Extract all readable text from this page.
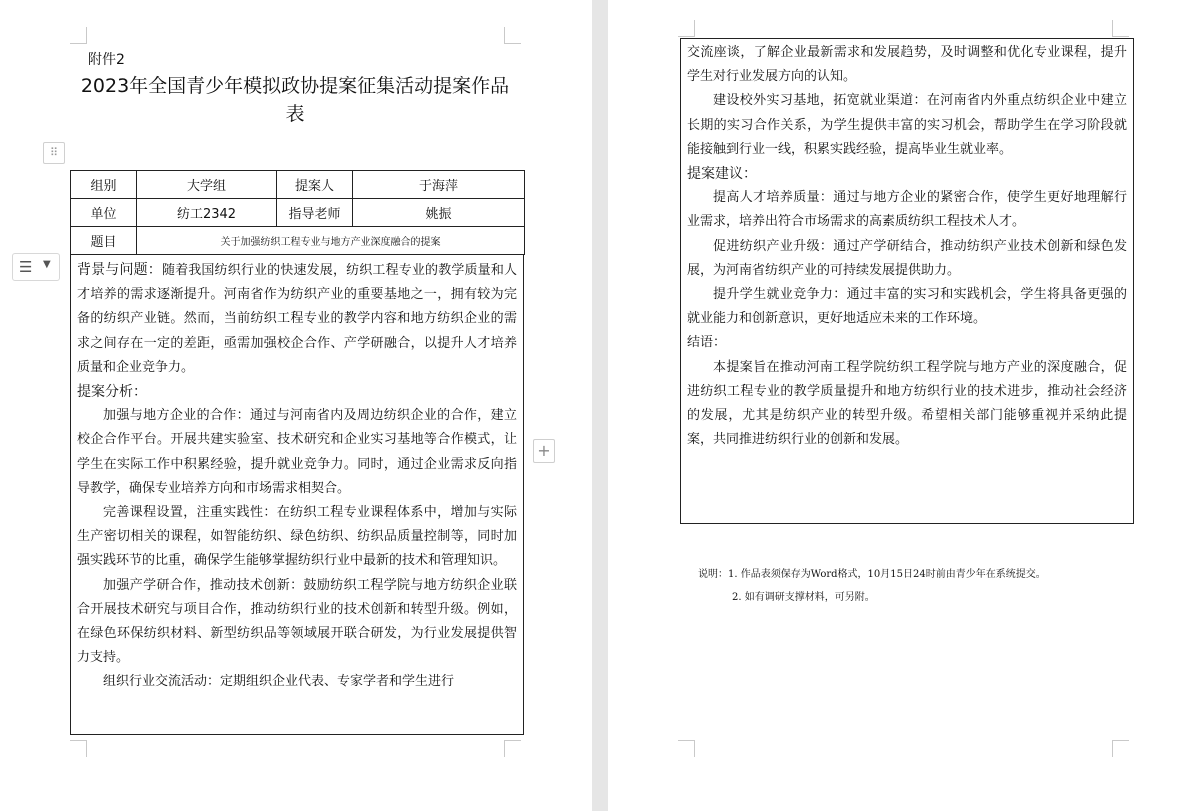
附件2
2023年全国青少年模拟政协提案征集活动提案作品表
⠿
☰ ▼
组别	大学组	提案人	于海萍
单位	纺工2342	指导老师	姚振
题目	关于加强纺织工程专业与地方产业深度融合的提案		

背景与问题：随着我国纺织行业的快速发展，纺织工程专业的教学质量和人才培养的需求逐渐提升。河南省作为纺织产业的重要基地之一，拥有较为完备的纺织产业链。然而，当前纺织工程专业的教学内容和地方纺织企业的需求之间存在一定的差距，亟需加强校企合作、产学研融合，以提升人才培养质量和企业竞争力。

提案分析：

加强与地方企业的合作：通过与河南省内及周边纺织企业的合作，建立校企合作平台。开展共建实验室、技术研究和企业实习基地等合作模式，让学生在实际工作中积累经验，提升就业竞争力。同时，通过企业需求反向指导教学，确保专业培养方向和市场需求相契合。

完善课程设置，注重实践性：在纺织工程专业课程体系中，增加与实际生产密切相关的课程，如智能纺织、绿色纺织、纺织品质量控制等，同时加强实践环节的比重，确保学生能够掌握纺织行业中最新的技术和管理知识。

加强产学研合作，推动技术创新：鼓励纺织工程学院与地方纺织企业联合开展技术研究与项目合作，推动纺织行业的技术创新和转型升级。例如，在绿色环保纺织材料、新型纺织品等领域展开联合研发，为行业发展提供智力支持。

组织行业交流活动：定期组织企业代表、专家学者和学生进行

+

交流座谈，了解企业最新需求和发展趋势，及时调整和优化专业课程，提升学生对行业发展方向的认知。

建设校外实习基地，拓宽就业渠道：在河南省内外重点纺织企业中建立长期的实习合作关系，为学生提供丰富的实习机会，帮助学生在学习阶段就能接触到行业一线，积累实践经验，提高毕业生就业率。

提案建议：

提高人才培养质量：通过与地方企业的紧密合作，使学生更好地理解行业需求，培养出符合市场需求的高素质纺织工程技术人才。

促进纺织产业升级：通过产学研结合，推动纺织产业技术创新和绿色发展，为河南省纺织产业的可持续发展提供助力。

提升学生就业竞争力：通过丰富的实习和实践机会，学生将具备更强的就业能力和创新意识，更好地适应未来的工作环境。

结语：

本提案旨在推动河南工程学院纺织工程学院与地方产业的深度融合，促进纺织工程专业的教学质量提升和地方纺织行业的技术进步，推动社会经济的发展，尤其是纺织产业的转型升级。希望相关部门能够重视并采纳此提案，共同推进纺织行业的创新和发展。

说明：1. 作品表须保存为Word格式，10月15日24时前由青少年在系统提交。
2. 如有调研支撑材料，可另附。
